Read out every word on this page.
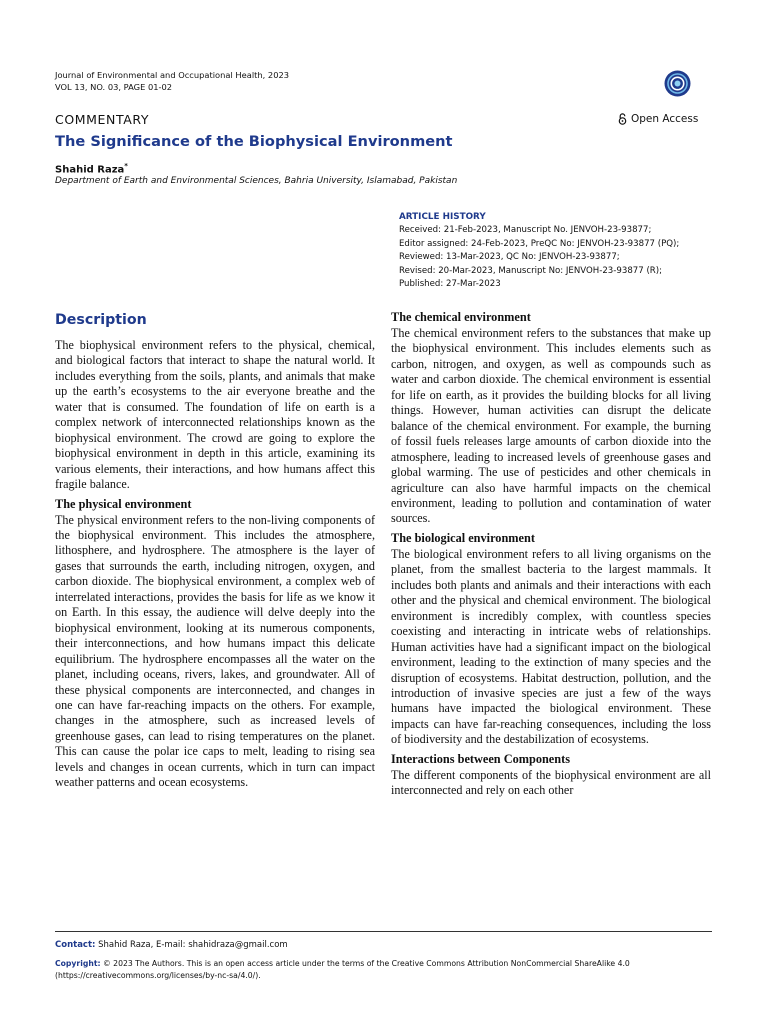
Journal of Environmental and Occupational Health, 2023
VOL 13, NO. 03, PAGE 01-02
COMMENTARY	Open Access
The Significance of the Biophysical Environment
Shahid Raza*
Department of Earth and Environmental Sciences, Bahria University, Islamabad, Pakistan
ARTICLE HISTORY
Received: 21-Feb-2023, Manuscript No. JENVOH-23-93877;
Editor assigned: 24-Feb-2023, PreQC No: JENVOH-23-93877 (PQ);
Reviewed: 13-Mar-2023, QC No: JENVOH-23-93877;
Revised: 20-Mar-2023, Manuscript No: JENVOH-23-93877 (R);
Published: 27-Mar-2023
Description

The biophysical environment refers to the physical, chemical, and biological factors that interact to shape the natural world. It includes everything from the soils, plants, and animals that make up the earth’s ecosystems to the air everyone breathe and the water that is consumed. The foundation of life on earth is a complex network of interconnected relationships known as the biophysical environment. The crowd are going to explore the biophysical environment in depth in this article, examining its various elements, their interactions, and how humans affect this fragile balance.

The physical environment

The physical environment refers to the non-living components of the biophysical environment. This includes the atmosphere, lithosphere, and hydrosphere. The atmosphere is the layer of gases that surrounds the earth, including nitrogen, oxygen, and carbon dioxide. The biophysical environment, a complex web of interrelated interactions, provides the basis for life as we know it on Earth. In this essay, the audience will delve deeply into the biophysical environment, looking at its numerous components, their interconnections, and how humans impact this delicate equilibrium. The hydrosphere encompasses all the water on the planet, including oceans, rivers, lakes, and groundwater. All of these physical components are interconnected, and changes in one can have far-reaching impacts on the others. For example, changes in the atmosphere, such as increased levels of greenhouse gases, can lead to rising temperatures on the planet. This can cause the polar ice caps to melt, leading to rising sea levels and changes in ocean currents, which in turn can impact weather patterns and ocean ecosystems.

The chemical environment

The chemical environment refers to the substances that make up the biophysical environment. This includes elements such as carbon, nitrogen, and oxygen, as well as compounds such as water and carbon dioxide. The chemical environment is essential for life on earth, as it provides the building blocks for all living things. However, human activities can disrupt the delicate balance of the chemical environment. For example, the burning of fossil fuels releases large amounts of carbon dioxide into the atmosphere, leading to increased levels of greenhouse gases and global warming. The use of pesticides and other chemicals in agriculture can also have harmful impacts on the chemical environment, leading to pollution and contamination of water sources.

The biological environment

The biological environment refers to all living organisms on the planet, from the smallest bacteria to the largest mammals. It includes both plants and animals and their interactions with each other and the physical and chemical environment. The biological environment is incredibly complex, with countless species coexisting and interacting in intricate webs of relationships. Human activities have had a significant impact on the biological environment, leading to the extinction of many species and the disruption of ecosystems. Habitat destruction, pollution, and the introduction of invasive species are just a few of the ways humans have impacted the biological environment. These impacts can have far-reaching consequences, including the loss of biodiversity and the destabilization of ecosystems.

Interactions between Components

The different components of the biophysical environment are all interconnected and rely on each other

Contact: Shahid Raza, E-mail: shahidraza@gmail.com
Copyright: © 2023 The Authors. This is an open access article under the terms of the Creative Commons Attribution NonCommercial ShareAlike 4.0 (https://creativecommons.org/licenses/by-nc-sa/4.0/).
